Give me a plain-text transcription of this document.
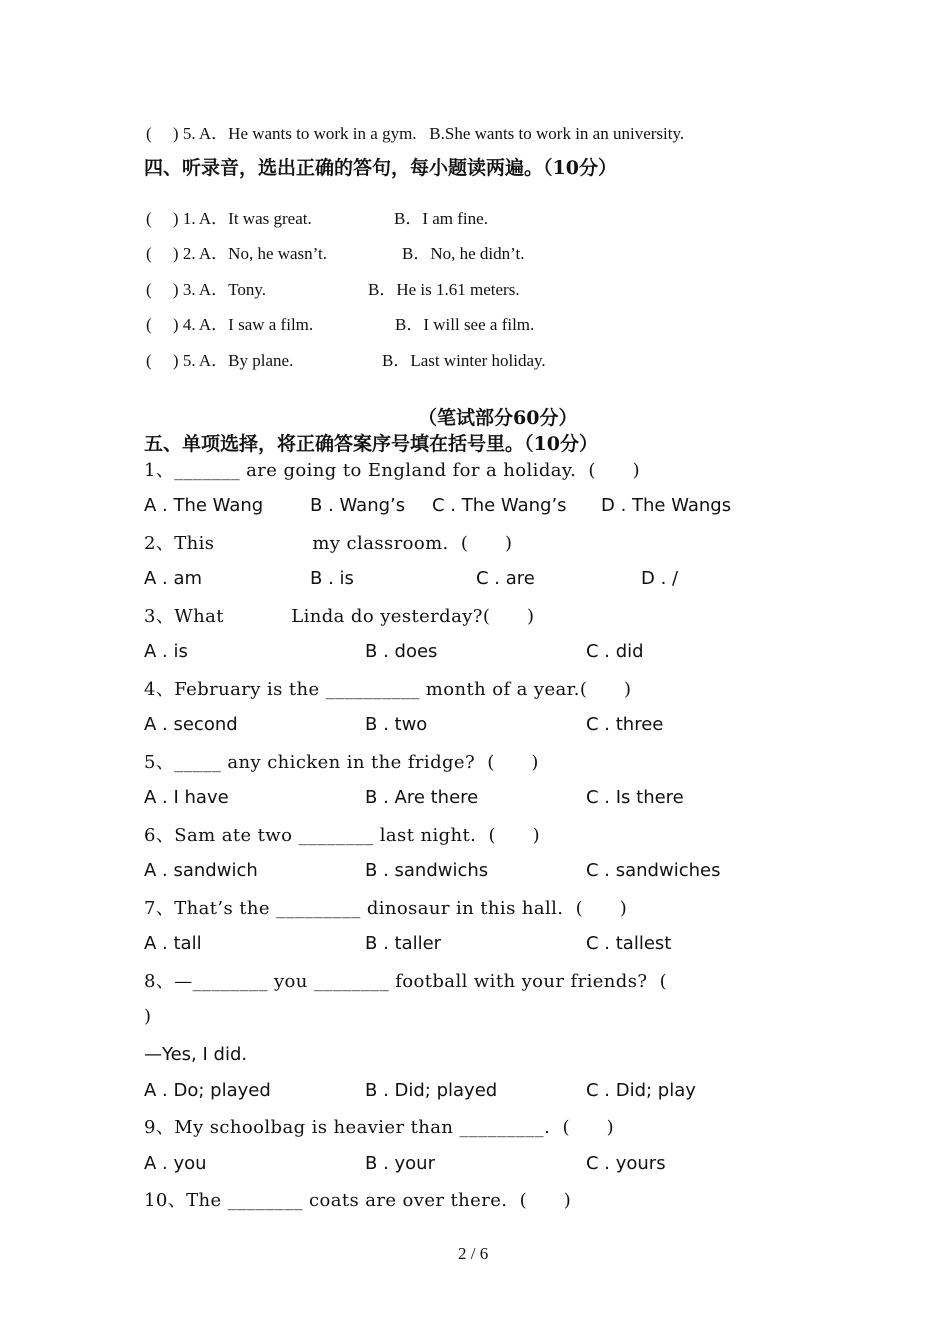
(     ) 5. A．He wants to work in a gym.   B.She wants to work in an university.
四、听录音，选出正确的答句，每小题读两遍。（10分）
(     ) 1. A．It was great.	B．I am fine.
(     ) 2. A．No, he wasn’t.	B．No, he didn’t.
(     ) 3. A．Tony.	B．He is 1.61 meters.
(     ) 4. A．I saw a film.	B．I will see a film.
(     ) 5. A．By plane.	B．Last winter holiday.
（笔试部分60分）
五、单项选择，将正确答案序号填在括号里。（10分）
1、_______ are going to England for a holiday.  (      )
A . The Wang	B . Wang’s C . The Wang’s D . The Wangs
2、This                my classroom.  (      )
A . am	B . is	C . are	D . /
3、What           Linda do yesterday?(      )
A . is	B . does	C . did
4、February is the __________ month of a year.(      )
A . second	B . two	C . three
5、_____ any chicken in the fridge?  (      )
A . I have	B . Are there	C . Is there
6、Sam ate two ________ last night.  (      )
A . sandwich	B . sandwichs	C . sandwiches
7、That’s the _________ dinosaur in this hall.  (      )
A . tall	B . taller	C . tallest
8、—________ you ________ football with your friends?  (
)
—Yes, I did.
A . Do; played	B . Did; played	C . Did; play
9、My schoolbag is heavier than _________.  (      )
A . you	B . your	C . yours
10、The ________ coats are over there.  (      )
2 / 6
